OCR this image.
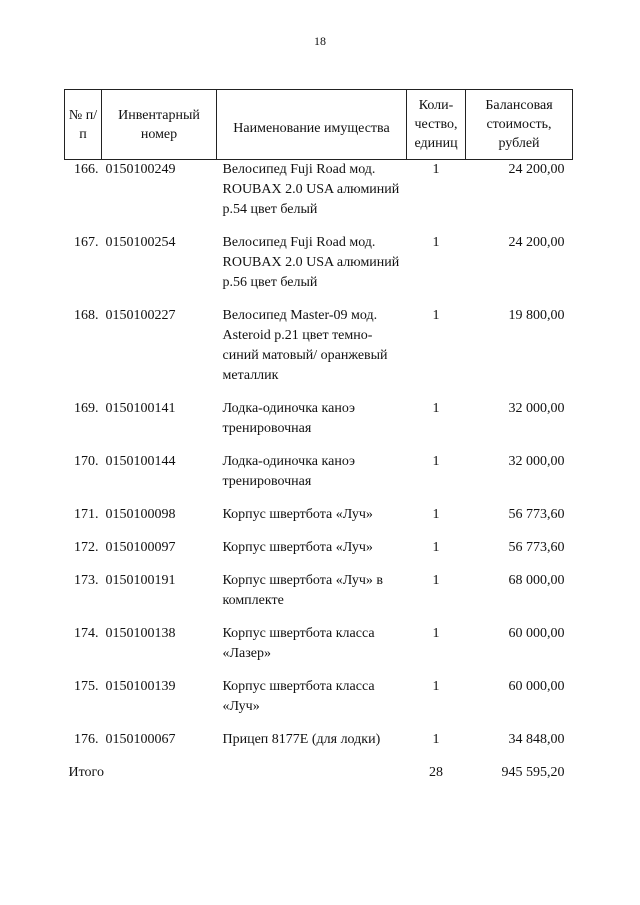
18
№ п/п	Инвентарный номер	Наименование имущества	Коли-чество, единиц	Балансовая стоимость, рублей
166.	0150100249	Велосипед Fuji Road мод. ROUBAX 2.0 USA алюминий р.54 цвет белый	1	24 200,00
167.	0150100254	Велосипед Fuji Road мод. ROUBAX 2.0 USA алюминий р.56 цвет белый	1	24 200,00
168.	0150100227	Велосипед Master-09 мод. Asteroid р.21 цвет темно-синий матовый/ оранжевый металлик	1	19 800,00
169.	0150100141	Лодка-одиночка каноэ тренировочная	1	32 000,00
170.	0150100144	Лодка-одиночка каноэ тренировочная	1	32 000,00
171.	0150100098	Корпус швертбота «Луч»	1	56 773,60
172.	0150100097	Корпус швертбота «Луч»	1	56 773,60
173.	0150100191	Корпус швертбота «Луч» в комплекте	1	68 000,00
174.	0150100138	Корпус швертбота класса «Лазер»	1	60 000,00
175.	0150100139	Корпус швертбота класса «Луч»	1	60 000,00
176.	0150100067	Прицеп 8177Е (для лодки)	1	34 848,00
Итого			28	945 595,20
